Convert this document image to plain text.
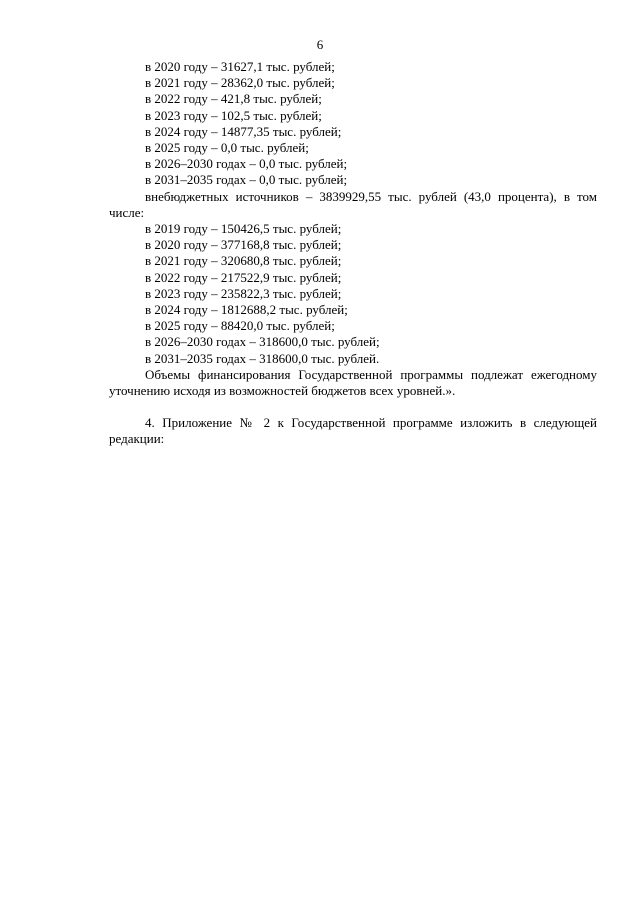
6
в 2020 году – 31627,1 тыс. рублей;
в 2021 году – 28362,0 тыс. рублей;
в 2022 году – 421,8 тыс. рублей;
в 2023 году – 102,5 тыс. рублей;
в 2024 году – 14877,35 тыс. рублей;
в 2025 году – 0,0 тыс. рублей;
в 2026–2030 годах – 0,0 тыс. рублей;
в 2031–2035 годах – 0,0 тыс. рублей;
внебюджетных источников – 3839929,55 тыс. рублей (43,0 процента), в том числе:
в 2019 году – 150426,5 тыс. рублей;
в 2020 году – 377168,8 тыс. рублей;
в 2021 году – 320680,8 тыс. рублей;
в 2022 году – 217522,9 тыс. рублей;
в 2023 году – 235822,3 тыс. рублей;
в 2024 году – 1812688,2 тыс. рублей;
в 2025 году – 88420,0 тыс. рублей;
в 2026–2030 годах – 318600,0 тыс. рублей;
в 2031–2035 годах – 318600,0 тыс. рублей.
Объемы финансирования Государственной программы подлежат ежегодному уточнению исходя из возможностей бюджетов всех уровней.».
4. Приложение № 2 к Государственной программе изложить в следующей редакции:
